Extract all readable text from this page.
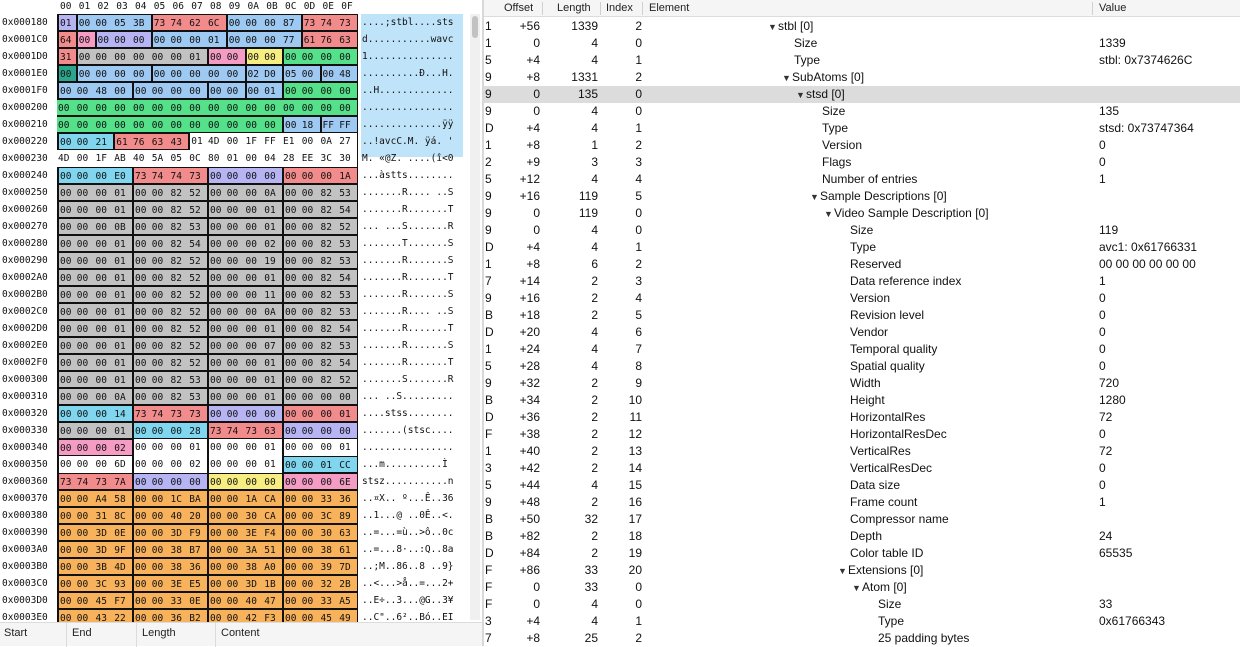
00 01 02 03 04 05 06 07 08 09 0A 0B 0C 0D 0E 0F
0x000180	01 00 00 05 3B 73 74 62 6C 00 00 00 87 73 74 73	....;stbl....sts
0x0001C0	64 00 00 00 00 00 00 00 01 00 00 00 77 61 76 63	d...........wavc
0x0001D0	31 00 00 00 00 00 00 01 00 00 00 00 00 00 00 00	1...............
0x0001E0	00 00 00 00 00 00 00 00 00 00 02 D0 05 00 00 48	..........Ð...H.
0x0001F0	00 00 48 00 00 00 00 00 00 00 00 01 00 00 00 00	..H.............
0x000200 00 00 00 00 00 00 00 00 00 00 00 00 00 00 00 00	................
0x000210 00 00 00 00 00 00 00 00 00 00 00 00 00 18 FF FF	..............ÿÿ
0x000220	00 00 21 61 76 63 43 01 4D 00 1F FF E1 00 0A 27	..!avcC.M. ÿá. '
0x000230 4D 00 1F AB 40 5A 05 0C 80 01 00 04 28 EE 3C 30	M. «@Z. ....(î<0
0x000240	00 00 00 E0 73 74 74 73 00 00 00 00 00 00 00 1A	...àstts........
0x000250	00 00 00 01 00 00 82 52 00 00 00 0A 00 00 82 53	.......R.... ..S
0x000260	00 00 00 01 00 00 82 52 00 00 00 01 00 00 82 54	.......R.......T
0x000270	00 00 00 0B 00 00 82 53 00 00 00 01 00 00 82 52	... ...S.......R
0x000280	00 00 00 01 00 00 82 54 00 00 00 02 00 00 82 53	.......T.......S
0x000290	00 00 00 01 00 00 82 52 00 00 00 19 00 00 82 53	.......R.......S
0x0002A0	00 00 00 01 00 00 82 52 00 00 00 01 00 00 82 54	.......R.......T
0x0002B0	00 00 00 01 00 00 82 52 00 00 00 11 00 00 82 53	.......R.......S
0x0002C0	00 00 00 01 00 00 82 52 00 00 00 0A 00 00 82 53	.......R.... ..S
0x0002D0	00 00 00 01 00 00 82 52 00 00 00 01 00 00 82 54	.......R.......T
0x0002E0	00 00 00 01 00 00 82 52 00 00 00 07 00 00 82 53	.......R.......S
0x0002F0	00 00 00 01 00 00 82 52 00 00 00 01 00 00 82 54	.......R.......T
0x000300	00 00 00 01 00 00 82 53 00 00 00 01 00 00 82 52	.......S.......R
0x000310	00 00 00 0A 00 00 82 53 00 00 00 01 00 00 00 00	... ..S.........
0x000320	00 00 00 14 73 74 73 73 00 00 00 00 00 00 00 01	....stss........
0x000330	00 00 00 01 00 00 00 28 73 74 73 63 00 00 00 00	.......(stsc....
0x000340	00 00 00 02 00 00 00 01 00 00 00 01 00 00 00 01	................
0x000350	00 00 00 6D 00 00 00 02 00 00 00 01 00 00 01 CC	...m..........Ì
0x000360	73 74 73 7A 00 00 00 00 00 00 00 00 00 00 00 6E	stsz...........n
0x000370	00 00 A4 58 00 00 1C BA 00 00 1A CA 00 00 33 36	..¤X.. º...Ê..36
0x000380	00 00 31 8C 00 00 40 20 00 00 30 CA 00 00 3C 89	..1...@ ..0Ê..<.
0x000390	00 00 3D 0E 00 00 3D F9 00 00 3E F4 00 00 30 63	..=...=ù..>ô..0c
0x0003A0	00 00 3D 9F 00 00 38 B7 00 00 3A 51 00 00 38 61	..=...8·..:Q..8a
0x0003B0	00 00 3B 4D 00 00 38 36 00 00 38 A0 00 00 39 7D	..;M..86..8 ..9}
0x0003C0	00 00 3C 93 00 00 3E E5 00 00 3D 1B 00 00 32 2B	..<...>å..=...2+
0x0003D0	00 00 45 F7 00 00 33 0E 00 00 40 47 00 00 33 A5	..E÷..3...@G..3¥
0x0003E0	00 00 43 22 00 00 36 B2 00 00 42 F3 00 00 45 49	..C"..6²..Bó..EI
Start	End	Length	Content
Offset Length Index Element	Value
1	+56	1339	2	▼stbl [0]
1	0	4	0	Size	1339
5	+4	4	1	Type	stbl: 0x7374626C
9	+8	1331	2	▼SubAtoms [0]
9	0	135	0	▼stsd [0]
9	0	4	0	Size	135
D	+4	4	1	Type	stsd: 0x73747364
1	+8	1	2	Version	0
2	+9	3	3	Flags	0
5	+12	4	4	Number of entries	1
9	+16	119	5	▼Sample Descriptions [0]
9	0	119	0	▼Video Sample Description [0]
9	0	4	0	Size	119
D	+4	4	1	Type	avc1: 0x61766331
1	+8	6	2	Reserved	00 00 00 00 00 00
7	+14	2	3	Data reference index	1
9	+16	2	4	Version	0
B	+18	2	5	Revision level	0
D	+20	4	6	Vendor	0
1	+24	4	7	Temporal quality	0
5	+28	4	8	Spatial quality	0
9	+32	2	9	Width	720
B	+34	2	10	Height	1280
D	+36	2	11	HorizontalRes	72
F	+38	2	12	HorizontalResDec	0
1	+40	2	13	VerticalRes	72
3	+42	2	14	VerticalResDec	0
5	+44	4	15	Data size	0
9	+48	2	16	Frame count	1
B	+50	32	17	Compressor name
B	+82	2	18	Depth	24
D	+84	2	19	Color table ID	65535
F	+86	33	20	▼Extensions [0]
F	0	33	0	▼Atom [0]
F	0	4	0	Size	33
3	+4	4	1	Type	0x61766343
7	+8	25	2	25 padding bytes
